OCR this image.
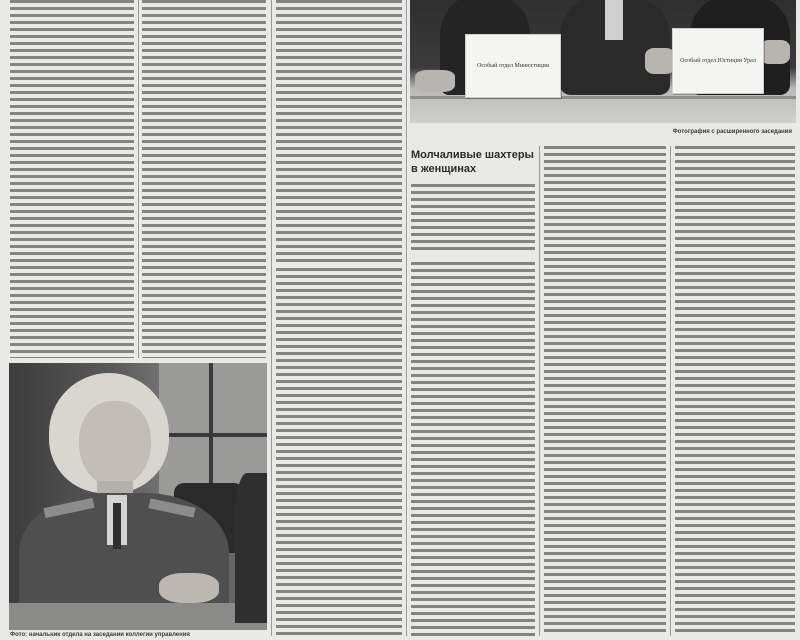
Особый отдел Минюстиции
Особый отдел Юстиции Урал

Фотография с расширенного заседания

Молчаливые шахтеры
в женщинах

Фото: начальник отдела на заседании коллегии управления
